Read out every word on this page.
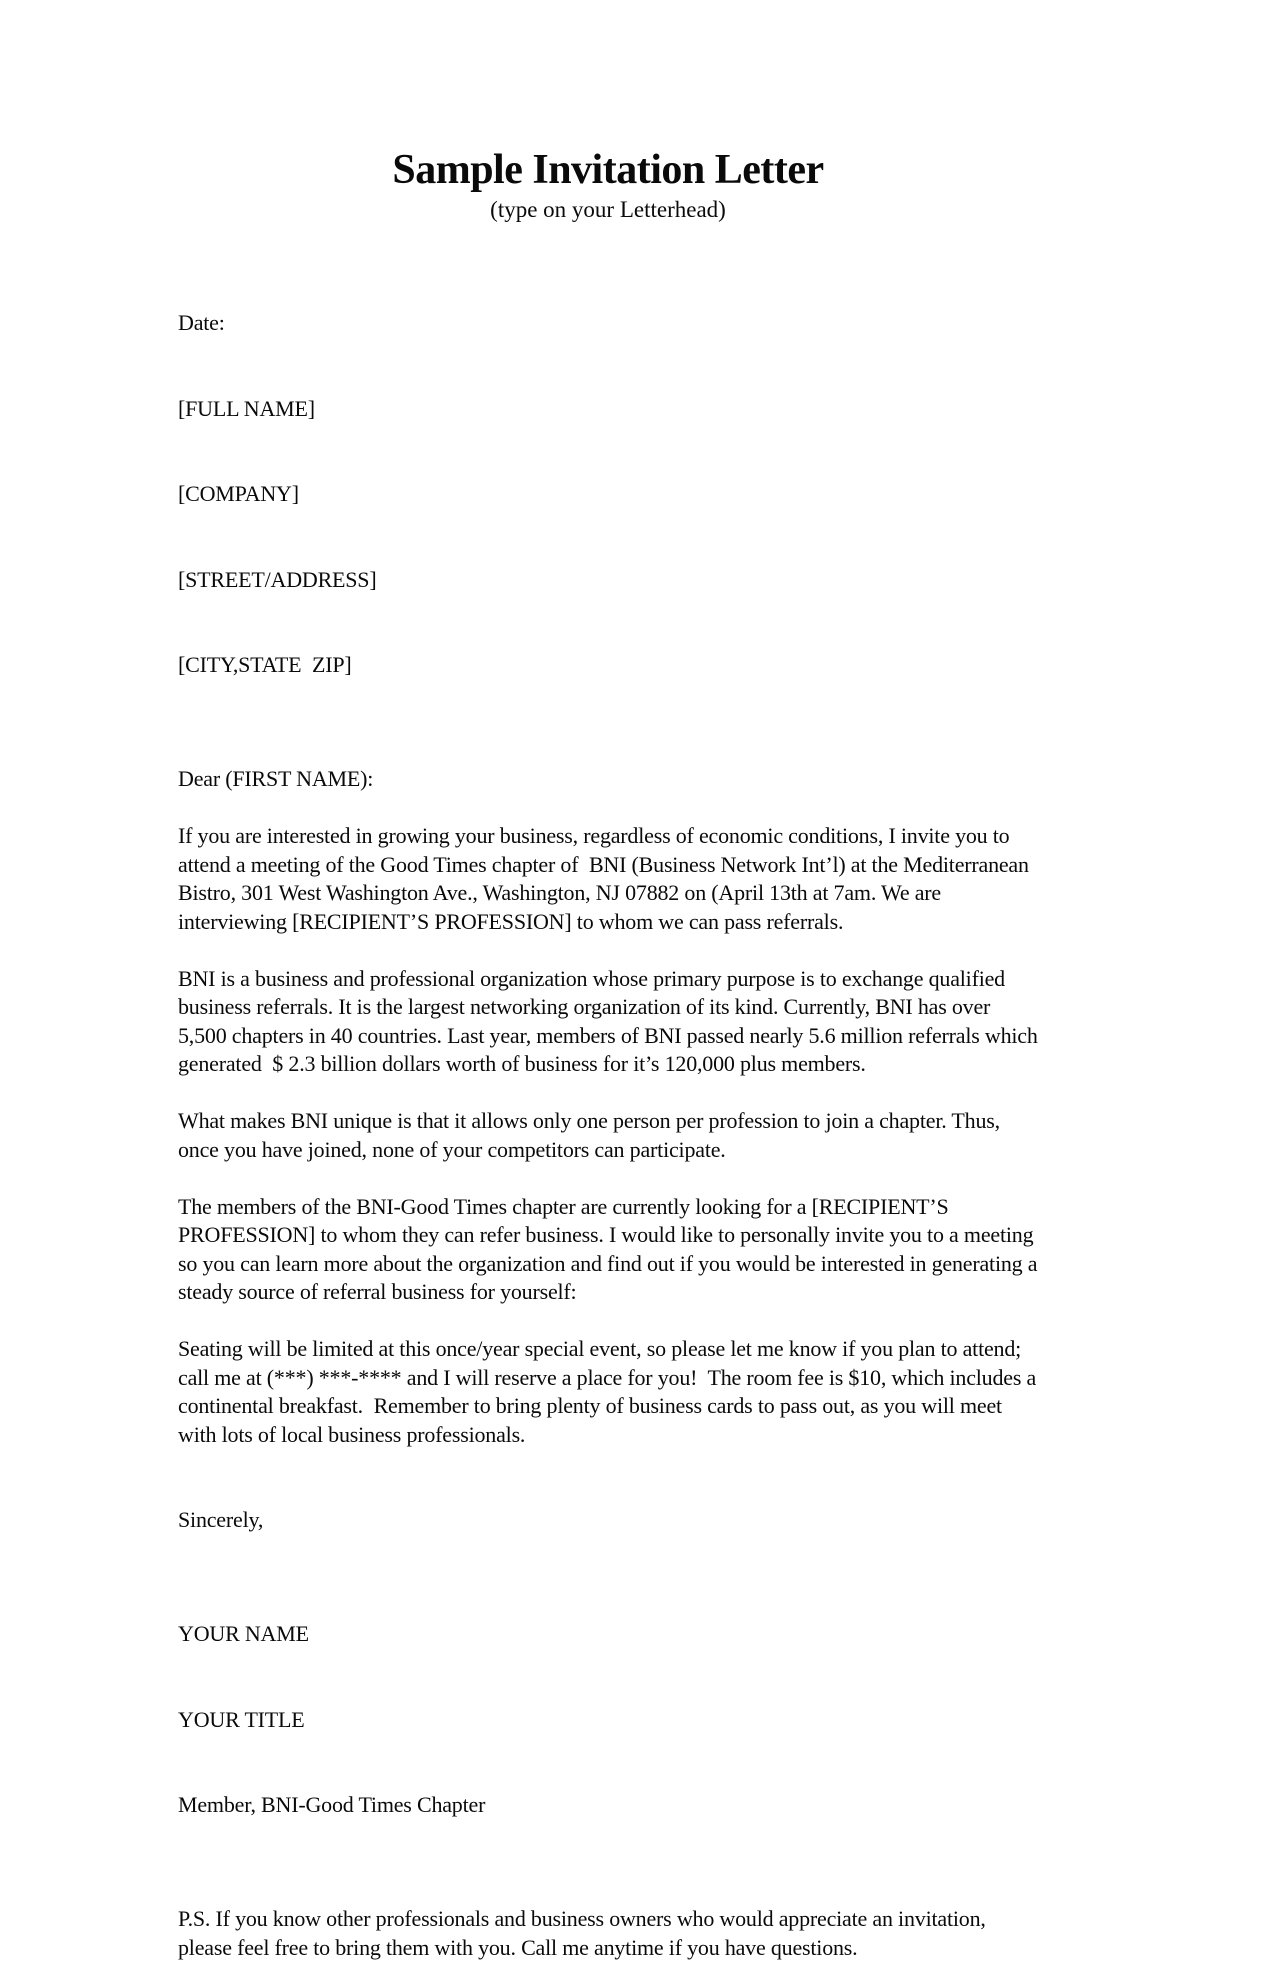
Sample Invitation Letter
(type on your Letterhead)

Date:

[FULL NAME]

[COMPANY]

[STREET/ADDRESS]

[CITY,STATE  ZIP]

Dear (FIRST NAME):

If you are interested in growing your business, regardless of economic conditions, I invite you to attend a meeting of the Good Times chapter of  BNI (Business Network Int’l) at the Mediterranean Bistro, 301 West Washington Ave., Washington, NJ 07882 on (April 13th at 7am. We are interviewing [RECIPIENT’S PROFESSION] to whom we can pass referrals.

BNI is a business and professional organization whose primary purpose is to exchange qualified business referrals. It is the largest networking organization of its kind. Currently, BNI has over 5,500 chapters in 40 countries. Last year, members of BNI passed nearly 5.6 million referrals which generated  $ 2.3 billion dollars worth of business for it’s 120,000 plus members.

What makes BNI unique is that it allows only one person per profession to join a chapter. Thus, once you have joined, none of your competitors can participate.

The members of the BNI-Good Times chapter are currently looking for a [RECIPIENT’S PROFESSION] to whom they can refer business. I would like to personally invite you to a meeting so you can learn more about the organization and find out if you would be interested in generating a steady source of referral business for yourself:

Seating will be limited at this once/year special event, so please let me know if you plan to attend;  call me at (***) ***-**** and I will reserve a place for you!  The room fee is $10, which includes a continental breakfast.  Remember to bring plenty of business cards to pass out, as you will meet with lots of local business professionals.

Sincerely,

YOUR NAME

YOUR TITLE

Member, BNI-Good Times Chapter

P.S. If you know other professionals and business owners who would appreciate an invitation, please feel free to bring them with you. Call me anytime if you have questions.
